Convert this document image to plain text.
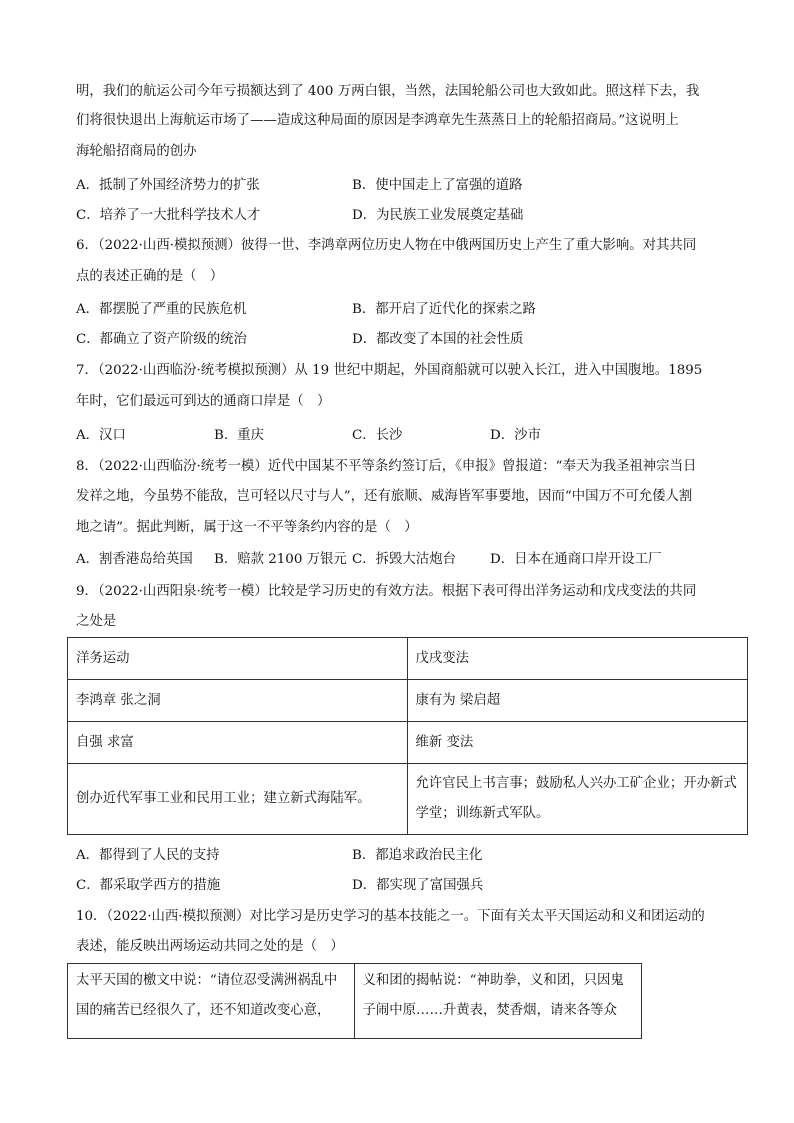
明，我们的航运公司今年亏损额达到了 400 万两白银，当然，法国轮船公司也大致如此。照这样下去，我
们将很快退出上海航运市场了——造成这种局面的原因是李鸿章先生蒸蒸日上的轮船招商局。”这说明上
海轮船招商局的创办
A．抵制了外国经济势力的扩张	B．使中国走上了富强的道路
C．培养了一大批科学技术人才	D．为民族工业发展奠定基础
6．（2022·山西·模拟预测）彼得一世、李鸿章两位历史人物在中俄两国历史上产生了重大影响。对其共同
点的表述正确的是（　）
A．都摆脱了严重的民族危机	B．都开启了近代化的探索之路
C．都确立了资产阶级的统治	D．都改变了本国的社会性质
7．（2022·山西临汾·统考模拟预测）从 19 世纪中期起，外国商船就可以驶入长江，进入中国腹地。1895
年时，它们最远可到达的通商口岸是（　）
A．汉口	B．重庆	C．长沙	D．沙市
8．（2022·山西临汾·统考一模）近代中国某不平等条约签订后，《申报》曾报道：“奉天为我圣祖神宗当日
发祥之地，今虽势不能敌，岂可轻以尺寸与人”，还有旅顺、威海皆军事要地，因而“中国万不可允倭人割
地之请”。据此判断，属于这一不平等条约内容的是（　）
A．割香港岛给英国 B．赔款 2100 万银元 C．拆毁大沽炮台	D．日本在通商口岸开设工厂
9．（2022·山西阳泉·统考一模）比较是学习历史的有效方法。根据下表可得出洋务运动和戊戌变法的共同
之处是
洋务运动	戊戌变法
李鸿章 张之洞	康有为 梁启超
自强 求富	维新 变法
创办近代军事工业和民用工业；建立新式海陆军。	允许官民上书言事；鼓励私人兴办工矿企业；开办新式学堂；训练新式军队。
A．都得到了人民的支持	B．都追求政治民主化
C．都采取学西方的措施	D．都实现了富国强兵
10．（2022·山西·模拟预测）对比学习是历史学习的基本技能之一。下面有关太平天国运动和义和团运动的
表述，能反映出两场运动共同之处的是（　）
太平天国的檄文中说：“请位忍受满洲祸乱中国的痛苦已经很久了，还不知道改变心意，	义和团的揭帖说：“神助拳，义和团，只因鬼子闹中原……升黄表，焚香烟，请来各等众
